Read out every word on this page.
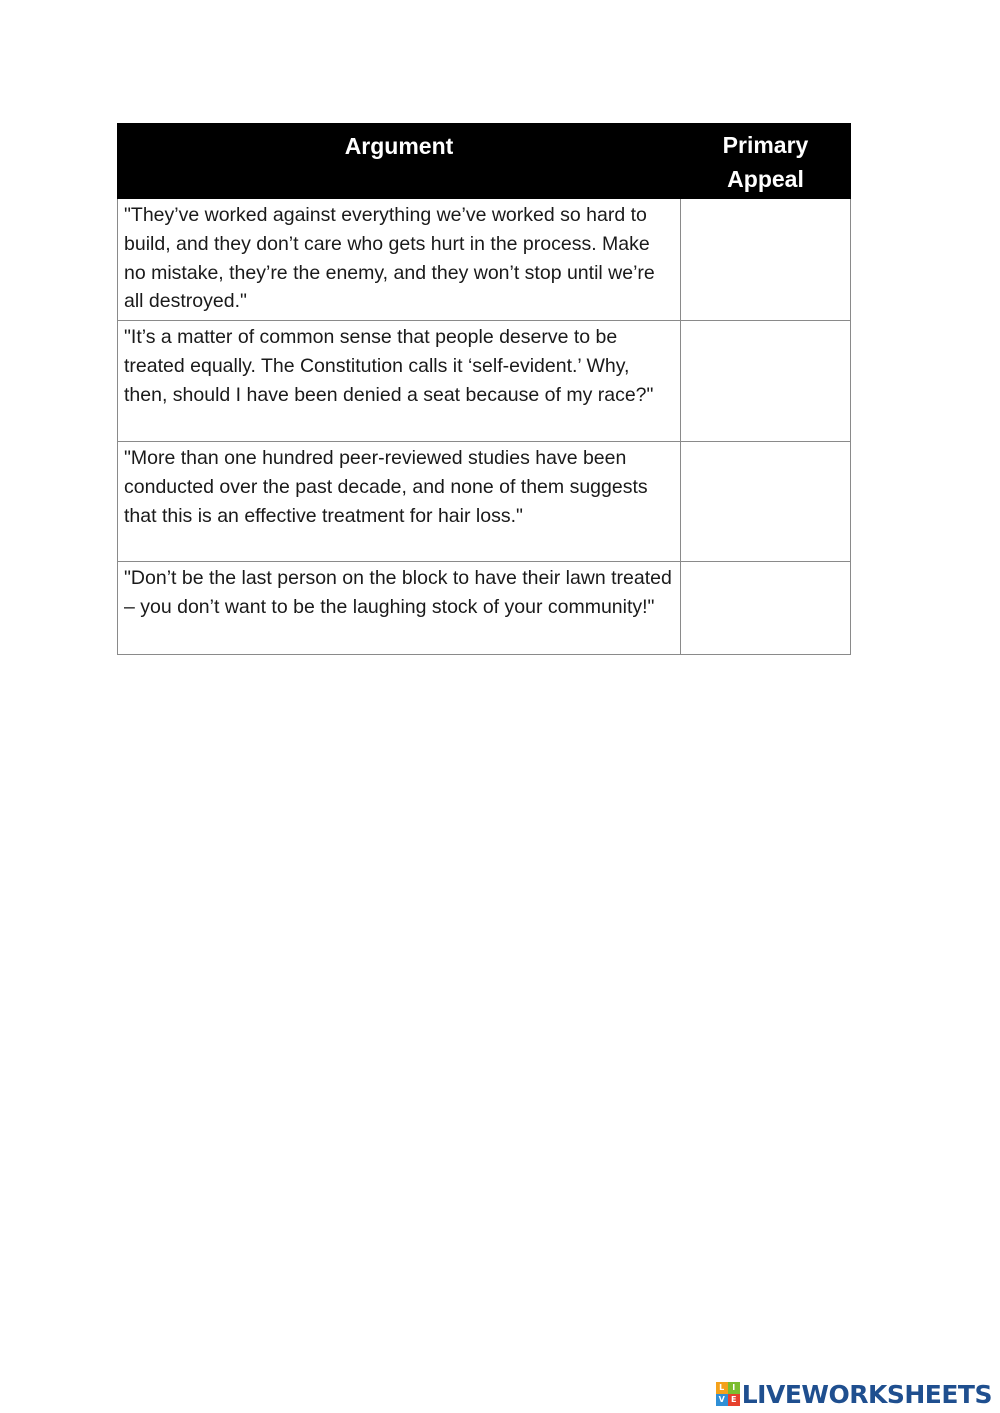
Argument	Primary
Appeal
"They’ve worked against everything we’ve worked so hard to build, and they don’t care who gets hurt in the process. Make no mistake, they’re the enemy, and they won’t stop until we’re all destroyed."	
"It’s a matter of common sense that people deserve to be treated equally. The Constitution calls it ‘self-evident.’ Why, then, should I have been denied a seat because of my race?"	
"More than one hundred peer-reviewed studies have been conducted over the past decade, and none of them suggests that this is an effective treatment for hair loss."	
"Don’t be the last person on the block to have their lawn treated – you don’t want to be the laughing stock of your community!"	
L I
V E LIVEWORKSHEETS
